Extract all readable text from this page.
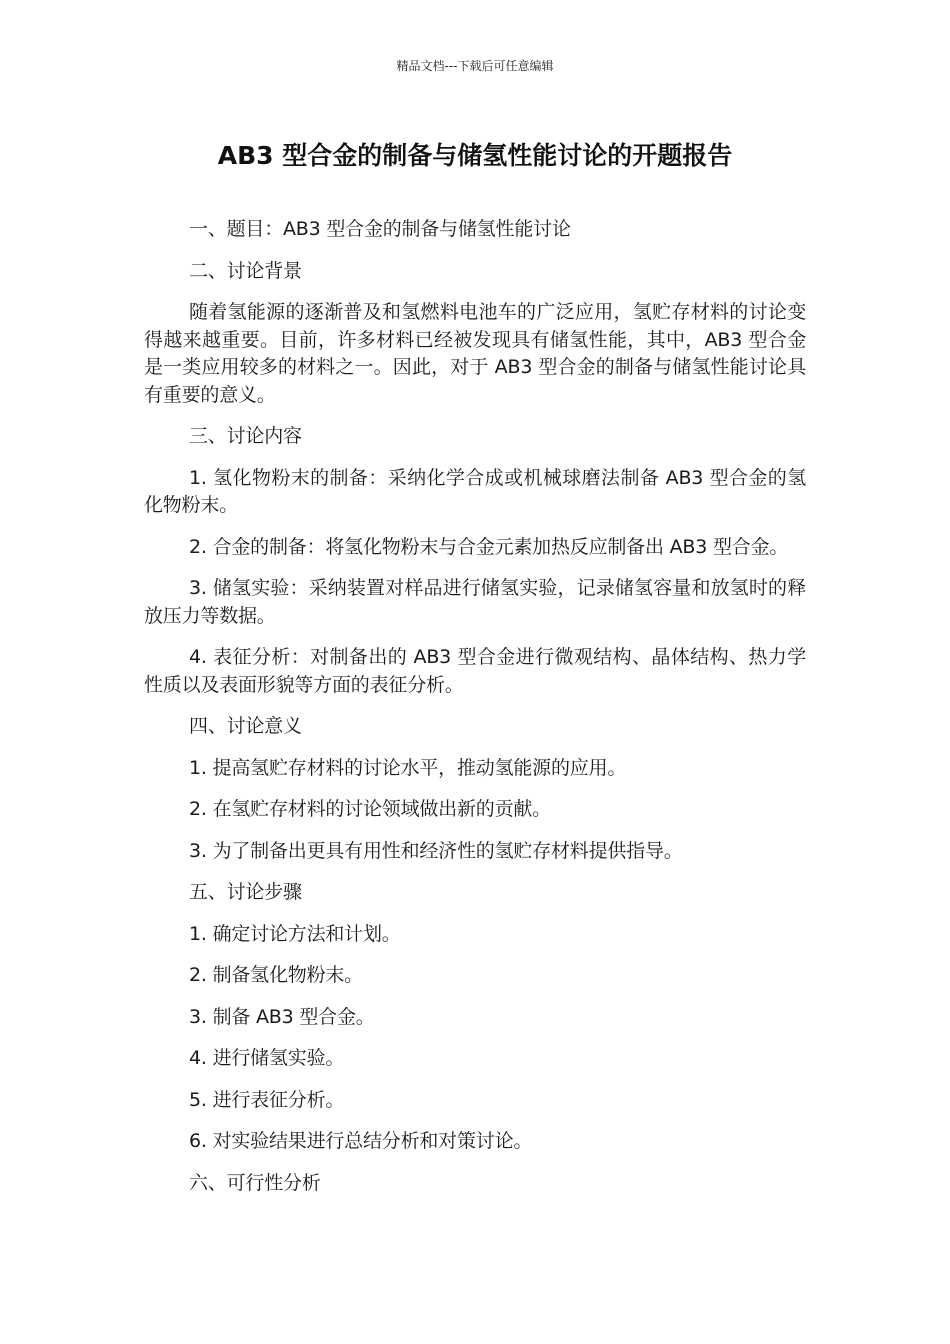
精品文档---下载后可任意编辑
AB3 型合金的制备与储氢性能讨论的开题报告

一、题目：AB3 型合金的制备与储氢性能讨论

二、讨论背景

随着氢能源的逐渐普及和氢燃料电池车的广泛应用，氢贮存材料的讨论变得越来越重要。目前，许多材料已经被发现具有储氢性能，其中，AB3 型合金是一类应用较多的材料之一。因此，对于 AB3 型合金的制备与储氢性能讨论具有重要的意义。

三、讨论内容

1. 氢化物粉末的制备：采纳化学合成或机械球磨法制备 AB3 型合金的氢化物粉末。

2. 合金的制备：将氢化物粉末与合金元素加热反应制备出 AB3 型合金。

3. 储氢实验：采纳装置对样品进行储氢实验，记录储氢容量和放氢时的释放压力等数据。

4. 表征分析：对制备出的 AB3 型合金进行微观结构、晶体结构、热力学性质以及表面形貌等方面的表征分析。

四、讨论意义

1. 提高氢贮存材料的讨论水平，推动氢能源的应用。

2. 在氢贮存材料的讨论领域做出新的贡献。

3. 为了制备出更具有用性和经济性的氢贮存材料提供指导。

五、讨论步骤

1. 确定讨论方法和计划。

2. 制备氢化物粉末。

3. 制备 AB3 型合金。

4. 进行储氢实验。

5. 进行表征分析。

6. 对实验结果进行总结分析和对策讨论。

六、可行性分析
